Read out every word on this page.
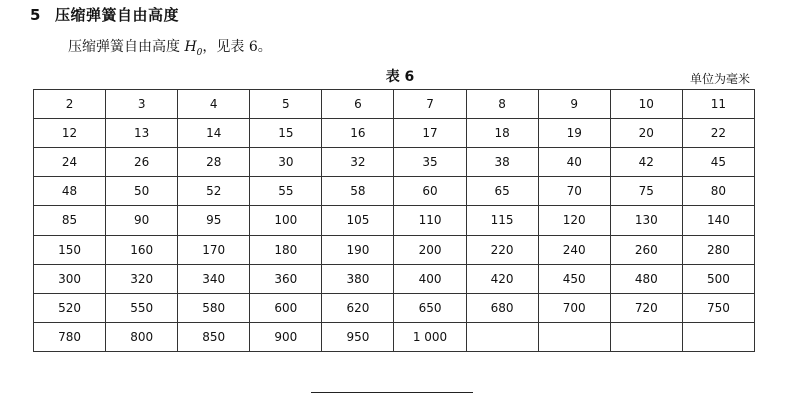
5 压缩弹簧自由高度
压缩弹簧自由高度 $H_0$，见表 6。
表 6	单位为毫米
2	3	4	5	6	7	8	9	10	11
12	13	14	15	16	17	18	19	20	22
24	26	28	30	32	35	38	40	42	45
48	50	52	55	58	60	65	70	75	80
85	90	95	100	105	110	115	120	130	140
150	160	170	180	190	200	220	240	260	280
300	320	340	360	380	400	420	450	480	500
520	550	580	600	620	650	680	700	720	750
780	800	850	900	950	1 000				
